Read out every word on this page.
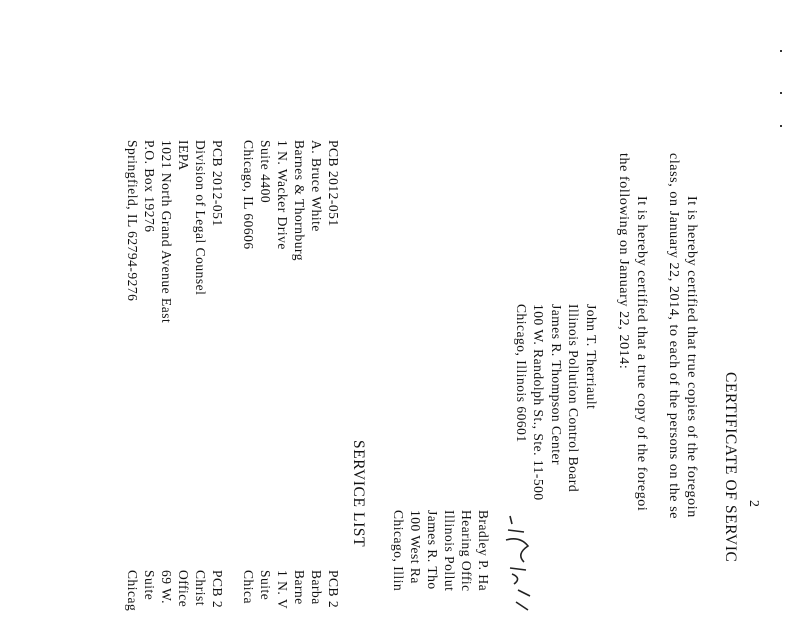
2
CERTIFICATE OF SERVIC
It is hereby certified that true copies of the foregoin
class, on January 22, 2014, to each of the persons on the se
It is hereby certified that a true copy of the foregoi
the following on January 22, 2014:
John T. Therriault
Illinois Pollution Control Board
James R. Thompson Center
100 W. Randolph St., Ste. 11-500
Chicago, Illinois 60601
Bradley P. Ha
Hearing Offic
Illinois Pollut
James R. Tho
100 West Ra
Chicago, Illin
SERVICE LIST
PCB 2012-051
A. Bruce White
Barnes & Thornburg
1 N. Wacker Drive
Suite 4400
Chicago, IL 60606
PCB 2012-051
Division of Legal Counsel
IEPA
1021 North Grand Avenue East
P.O. Box 19276
Springfield, IL 62794-9276
PCB 2
Barba
Barne
1 N. V
Suite
Chica
PCB 2
Christ
Office
69 W.
Suite
Chicag
